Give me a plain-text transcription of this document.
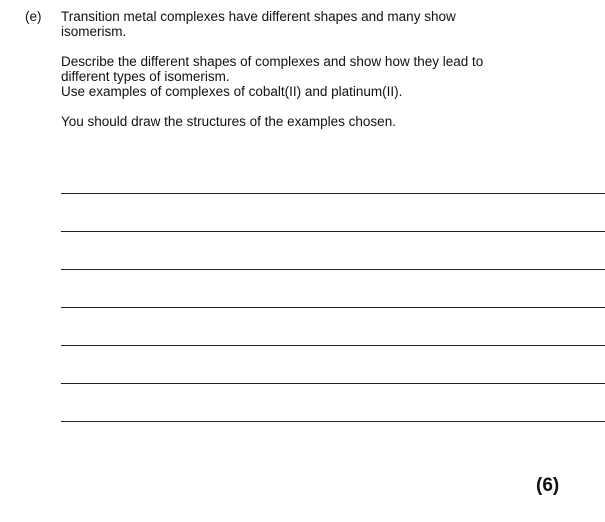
(e) Transition metal complexes have different shapes and many show
isomerism.
Describe the different shapes of complexes and show how they lead to
different types of isomerism.
Use examples of complexes of cobalt(II) and platinum(II).
You should draw the structures of the examples chosen.
(6)
